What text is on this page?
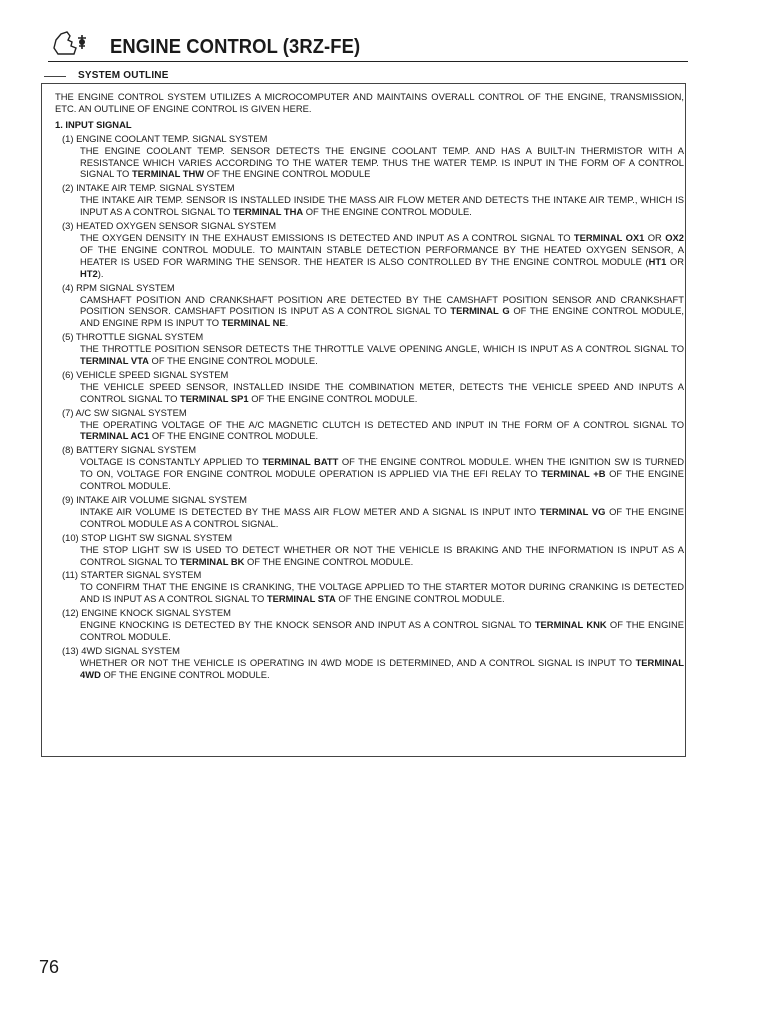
ENGINE CONTROL (3RZ-FE)
SYSTEM OUTLINE

THE ENGINE CONTROL SYSTEM UTILIZES A MICROCOMPUTER AND MAINTAINS OVERALL CONTROL OF THE ENGINE, TRANSMISSION, ETC. AN OUTLINE OF ENGINE CONTROL IS GIVEN HERE.

1. INPUT SIGNAL

(1) ENGINE COOLANT TEMP. SIGNAL SYSTEM

THE ENGINE COOLANT TEMP. SENSOR DETECTS THE ENGINE COOLANT TEMP. AND HAS A BUILT-IN THERMISTOR WITH A RESISTANCE WHICH VARIES ACCORDING TO THE WATER TEMP. THUS THE WATER TEMP. IS INPUT IN THE FORM OF A CONTROL SIGNAL TO TERMINAL THW OF THE ENGINE CONTROL MODULE

(2) INTAKE AIR TEMP. SIGNAL SYSTEM

THE INTAKE AIR TEMP. SENSOR IS INSTALLED INSIDE THE MASS AIR FLOW METER AND DETECTS THE INTAKE AIR TEMP., WHICH IS INPUT AS A CONTROL SIGNAL TO TERMINAL THA OF THE ENGINE CONTROL MODULE.

(3) HEATED OXYGEN SENSOR SIGNAL SYSTEM

THE OXYGEN DENSITY IN THE EXHAUST EMISSIONS IS DETECTED AND INPUT AS A CONTROL SIGNAL TO TERMINAL OX1 OR OX2 OF THE ENGINE CONTROL MODULE. TO MAINTAIN STABLE DETECTION PERFORMANCE BY THE HEATED OXYGEN SENSOR, A HEATER IS USED FOR WARMING THE SENSOR. THE HEATER IS ALSO CONTROLLED BY THE ENGINE CONTROL MODULE (HT1 OR HT2).

(4) RPM SIGNAL SYSTEM

CAMSHAFT POSITION AND CRANKSHAFT POSITION ARE DETECTED BY THE CAMSHAFT POSITION SENSOR AND CRANKSHAFT POSITION SENSOR. CAMSHAFT POSITION IS INPUT AS A CONTROL SIGNAL TO TERMINAL G OF THE ENGINE CONTROL MODULE, AND ENGINE RPM IS INPUT TO TERMINAL NE.

(5) THROTTLE SIGNAL SYSTEM

THE THROTTLE POSITION SENSOR DETECTS THE THROTTLE VALVE OPENING ANGLE, WHICH IS INPUT AS A CONTROL SIGNAL TO TERMINAL VTA OF THE ENGINE CONTROL MODULE.

(6) VEHICLE SPEED SIGNAL SYSTEM

THE VEHICLE SPEED SENSOR, INSTALLED INSIDE THE COMBINATION METER, DETECTS THE VEHICLE SPEED AND INPUTS A CONTROL SIGNAL TO TERMINAL SP1 OF THE ENGINE CONTROL MODULE.

(7) A/C SW SIGNAL SYSTEM

THE OPERATING VOLTAGE OF THE A/C MAGNETIC CLUTCH IS DETECTED AND INPUT IN THE FORM OF A CONTROL SIGNAL TO TERMINAL AC1 OF THE ENGINE CONTROL MODULE.

(8) BATTERY SIGNAL SYSTEM

VOLTAGE IS CONSTANTLY APPLIED TO TERMINAL BATT OF THE ENGINE CONTROL MODULE. WHEN THE IGNITION SW IS TURNED TO ON, VOLTAGE FOR ENGINE CONTROL MODULE OPERATION IS APPLIED VIA THE EFI RELAY TO TERMINAL +B OF THE ENGINE CONTROL MODULE.

(9) INTAKE AIR VOLUME SIGNAL SYSTEM

INTAKE AIR VOLUME IS DETECTED BY THE MASS AIR FLOW METER AND A SIGNAL IS INPUT INTO TERMINAL VG OF THE ENGINE CONTROL MODULE AS A CONTROL SIGNAL.

(10) STOP LIGHT SW SIGNAL SYSTEM

THE STOP LIGHT SW IS USED TO DETECT WHETHER OR NOT THE VEHICLE IS BRAKING AND THE INFORMATION IS INPUT AS A CONTROL SIGNAL TO TERMINAL BK OF THE ENGINE CONTROL MODULE.

(11) STARTER SIGNAL SYSTEM

TO CONFIRM THAT THE ENGINE IS CRANKING, THE VOLTAGE APPLIED TO THE STARTER MOTOR DURING CRANKING IS DETECTED AND IS INPUT AS A CONTROL SIGNAL TO TERMINAL STA OF THE ENGINE CONTROL MODULE.

(12) ENGINE KNOCK SIGNAL SYSTEM

ENGINE KNOCKING IS DETECTED BY THE KNOCK SENSOR AND INPUT AS A CONTROL SIGNAL TO TERMINAL KNK OF THE ENGINE CONTROL MODULE.

(13) 4WD SIGNAL SYSTEM

WHETHER OR NOT THE VEHICLE IS OPERATING IN 4WD MODE IS DETERMINED, AND A CONTROL SIGNAL IS INPUT TO TERMINAL 4WD OF THE ENGINE CONTROL MODULE.

76
